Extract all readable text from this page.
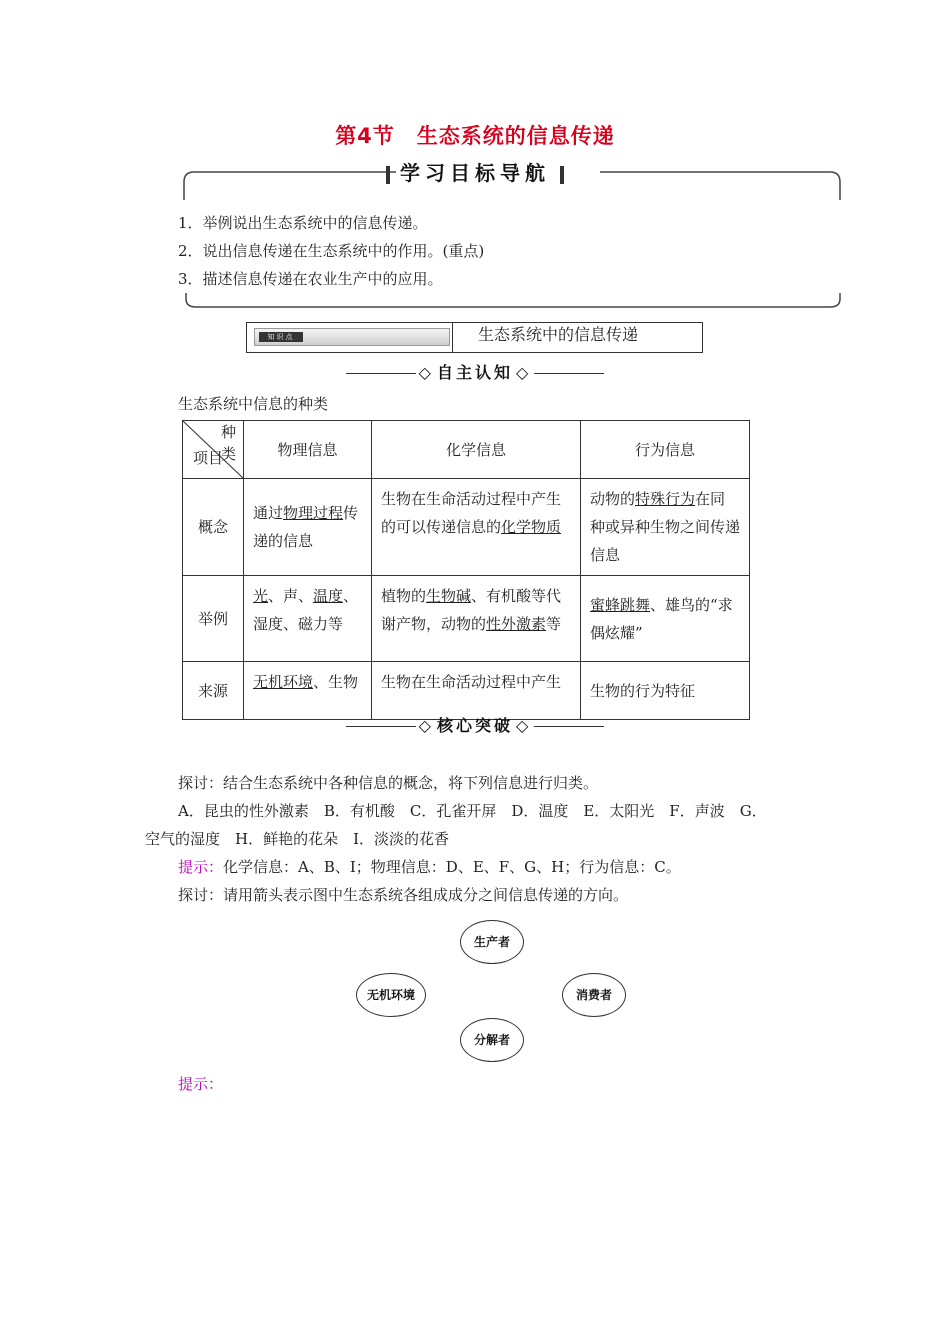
第4节 生态系统的信息传递
学习目标导航
1．举例说出生态系统中的信息传递。
2．说出信息传递在生态系统中的作用。(重点)
3．描述信息传递在农业生产中的应用。
知识点	生态系统中的信息传递
◇ 自主认知 ◇
生态系统中信息的种类
种类
项目	物理信息	化学信息	行为信息
概念	通过物理过程传递的信息	生物在生命活动过程中产生的可以传递信息的化学物质	动物的特殊行为在同种或异种生物之间传递信息
举例	光、声、温度、湿度、磁力等	植物的生物碱、有机酸等代谢产物，动物的性外激素等	蜜蜂跳舞、雄鸟的“求偶炫耀”
来源	无机环境、生物	生物在生命活动过程中产生	生物的行为特征
◇ 核心突破 ◇
探讨：结合生态系统中各种信息的概念，将下列信息进行归类。
A．昆虫的性外激素　B．有机酸　C．孔雀开屏　D．温度　E．太阳光　F．声波　G．
空气的湿度　H．鲜艳的花朵　I．淡淡的花香
提示：化学信息：A、B、I；物理信息：D、E、F、G、H；行为信息：C。
探讨：请用箭头表示图中生态系统各组成成分之间信息传递的方向。
生产者
无机环境	消费者
分解者
提示：
